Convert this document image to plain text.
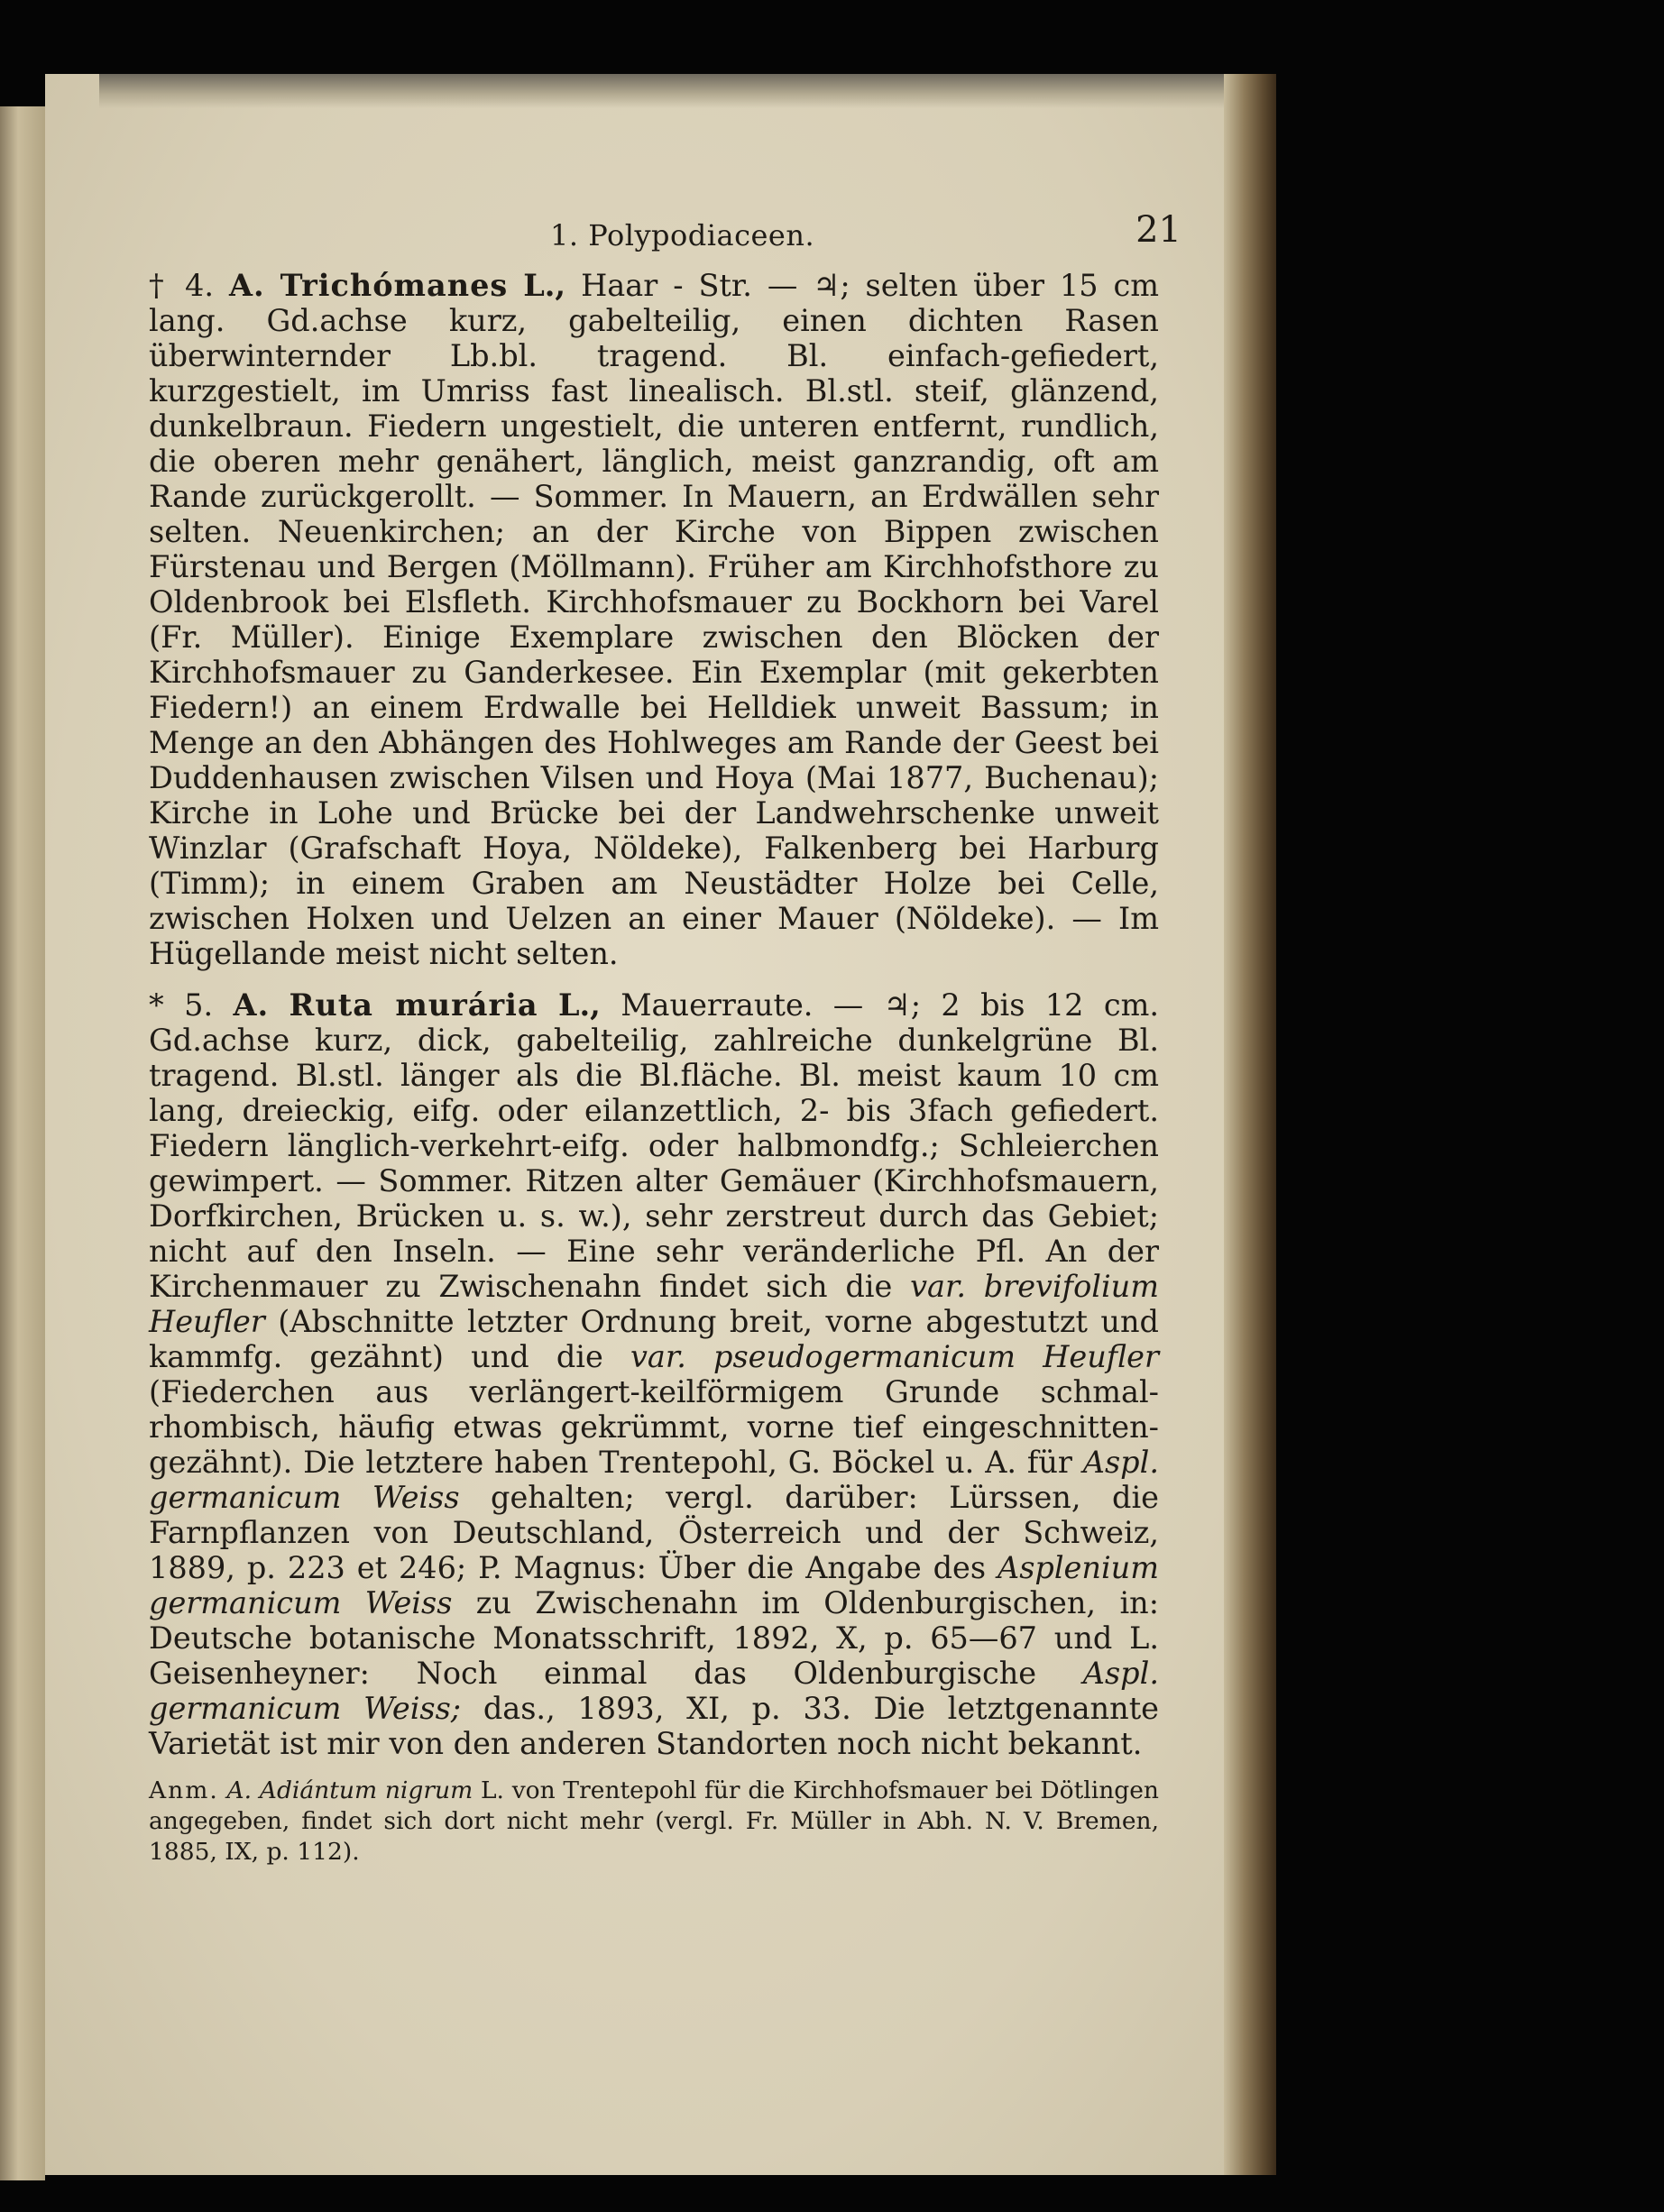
1. Polypodiaceen.	21

† 4. A. Trichómanes L., Haar - Str. — ♃; selten über 15 cm lang. Gd.achse kurz, gabelteilig, einen dichten Rasen überwinternder Lb.bl. tragend. Bl. einfach-gefiedert, kurzgestielt, im Umriss fast linealisch. Bl.stl. steif, glänzend, dunkelbraun. Fiedern ungestielt, die unteren entfernt, rundlich, die oberen mehr genähert, länglich, meist ganzrandig, oft am Rande zurückgerollt. — Sommer. In Mauern, an Erdwällen sehr selten. Neuenkirchen; an der Kirche von Bippen zwischen Fürstenau und Bergen (Möllmann). Früher am Kirchhofsthore zu Oldenbrook bei Elsfleth. Kirchhofsmauer zu Bockhorn bei Varel (Fr. Müller). Einige Exemplare zwischen den Blöcken der Kirchhofsmauer zu Ganderkesee. Ein Exemplar (mit gekerbten Fiedern!) an einem Erdwalle bei Helldiek unweit Bassum; in Menge an den Abhängen des Hohlweges am Rande der Geest bei Duddenhausen zwischen Vilsen und Hoya (Mai 1877, Buchenau); Kirche in Lohe und Brücke bei der Landwehrschenke unweit Winzlar (Grafschaft Hoya, Nöldeke), Falkenberg bei Harburg (Timm); in einem Graben am Neustädter Holze bei Celle, zwischen Holxen und Uelzen an einer Mauer (Nöldeke). — Im Hügellande meist nicht selten.

* 5. A. Ruta murária L., Mauerraute. — ♃; 2 bis 12 cm. Gd.achse kurz, dick, gabelteilig, zahlreiche dunkelgrüne Bl. tragend. Bl.stl. länger als die Bl.fläche. Bl. meist kaum 10 cm lang, dreieckig, eifg. oder eilanzettlich, 2- bis 3fach gefiedert. Fiedern länglich-verkehrt-eifg. oder halbmondfg.; Schleierchen gewimpert. — Sommer. Ritzen alter Gemäuer (Kirchhofsmauern, Dorfkirchen, Brücken u. s. w.), sehr zerstreut durch das Gebiet; nicht auf den Inseln. — Eine sehr veränderliche Pfl. An der Kirchenmauer zu Zwischenahn findet sich die var. brevifolium Heufler (Abschnitte letzter Ordnung breit, vorne abgestutzt und kammfg. gezähnt) und die var. pseudogermanicum Heufler (Fiederchen aus verlängert-keilförmigem Grunde schmal-rhombisch, häufig etwas gekrümmt, vorne tief eingeschnitten-gezähnt). Die letztere haben Trentepohl, G. Böckel u. A. für Aspl. germanicum Weiss gehalten; vergl. darüber: Lürssen, die Farnpflanzen von Deutschland, Österreich und der Schweiz, 1889, p. 223 et 246; P. Magnus: Über die Angabe des Asplenium germanicum Weiss zu Zwischenahn im Oldenburgischen, in: Deutsche botanische Monatsschrift, 1892, X, p. 65—67 und L. Geisenheyner: Noch einmal das Oldenburgische Aspl. germanicum Weiss; das., 1893, XI, p. 33. Die letztgenannte Varietät ist mir von den anderen Standorten noch nicht bekannt.

Anm. A. Adiántum nigrum L. von Trentepohl für die Kirchhofsmauer bei Dötlingen angegeben, findet sich dort nicht mehr (vergl. Fr. Müller in Abh. N. V. Bremen, 1885, IX, p. 112).
